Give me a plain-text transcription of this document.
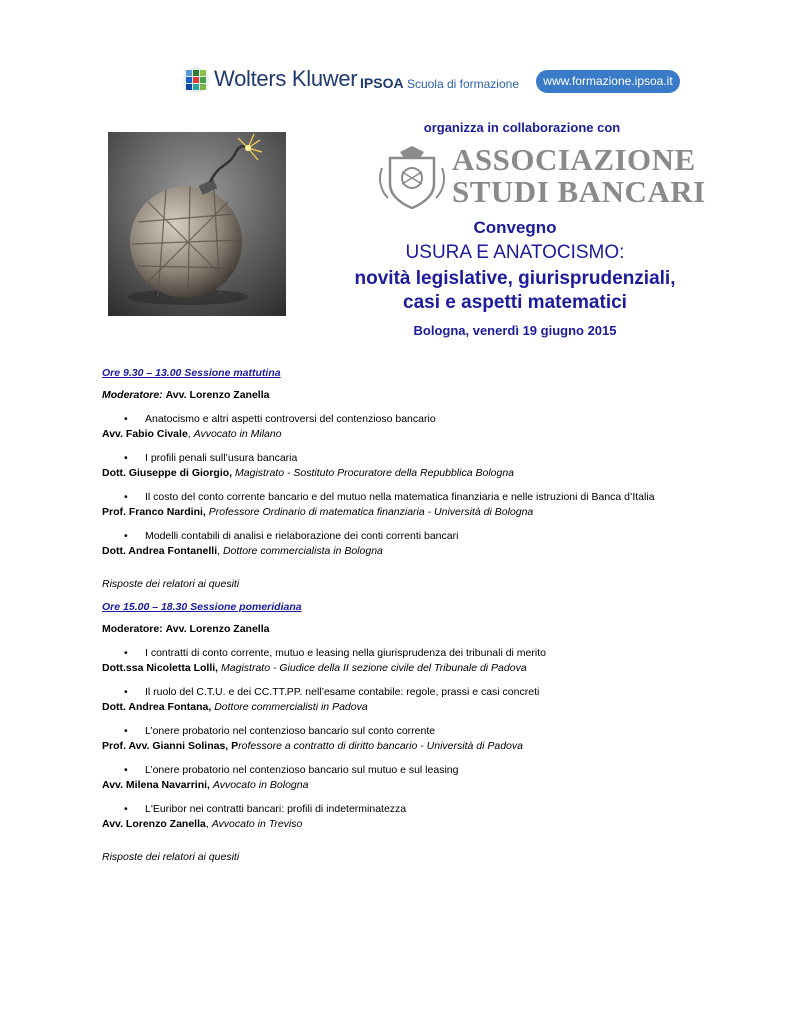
Wolters Kluwer IPSOA Scuola di formazione	www.formazione.ipsoa.it
organizza in collaborazione con
ASSOCIAZIONE
STUDI BANCARI
Convegno
USURA E ANATOCISMO:
novità legislative, giurisprudenziali,
casi e aspetti matematici
Bologna, venerdì 19 giugno 2015
Ore 9.30 – 13.00 Sessione mattutina
Moderatore: Avv. Lorenzo Zanella
• Anatocismo e altri aspetti controversi del contenzioso bancario
Avv. Fabio Civale, Avvocato in Milano
• I profili penali sull’usura bancaria
Dott. Giuseppe di Giorgio, Magistrato - Sostituto Procuratore della Repubblica Bologna
• Il costo del conto corrente bancario e del mutuo nella matematica finanziaria e nelle istruzioni di Banca d’Italia
Prof. Franco Nardini, Professore Ordinario di matematica finanziaria - Università di Bologna
• Modelli contabili di analisi e rielaborazione dei conti correnti bancari
Dott. Andrea Fontanelli, Dottore commercialista in Bologna
Risposte dei relatori ai quesiti
Ore 15.00 – 18.30 Sessione pomeridiana
Moderatore: Avv. Lorenzo Zanella
• I contratti di conto corrente, mutuo e leasing nella giurisprudenza dei tribunali di merito
Dott.ssa Nicoletta Lolli, Magistrato - Giudice della II sezione civile del Tribunale di Padova
• Il ruolo del C.T.U. e dei CC.TT.PP. nell’esame contabile: regole, prassi e casi concreti
Dott. Andrea Fontana, Dottore commercialisti in Padova
• L’onere probatorio nel contenzioso bancario sul conto corrente
Prof. Avv. Gianni Solinas, Professore a contratto di diritto bancario - Università di Padova
• L’onere probatorio nel contenzioso bancario sul mutuo e sul leasing
Avv. Milena Navarrini, Avvocato in Bologna
• L'Euribor nei contratti bancari: profili di indeterminatezza
Avv. Lorenzo Zanella, Avvocato in Treviso
Risposte dei relatori ai quesiti
